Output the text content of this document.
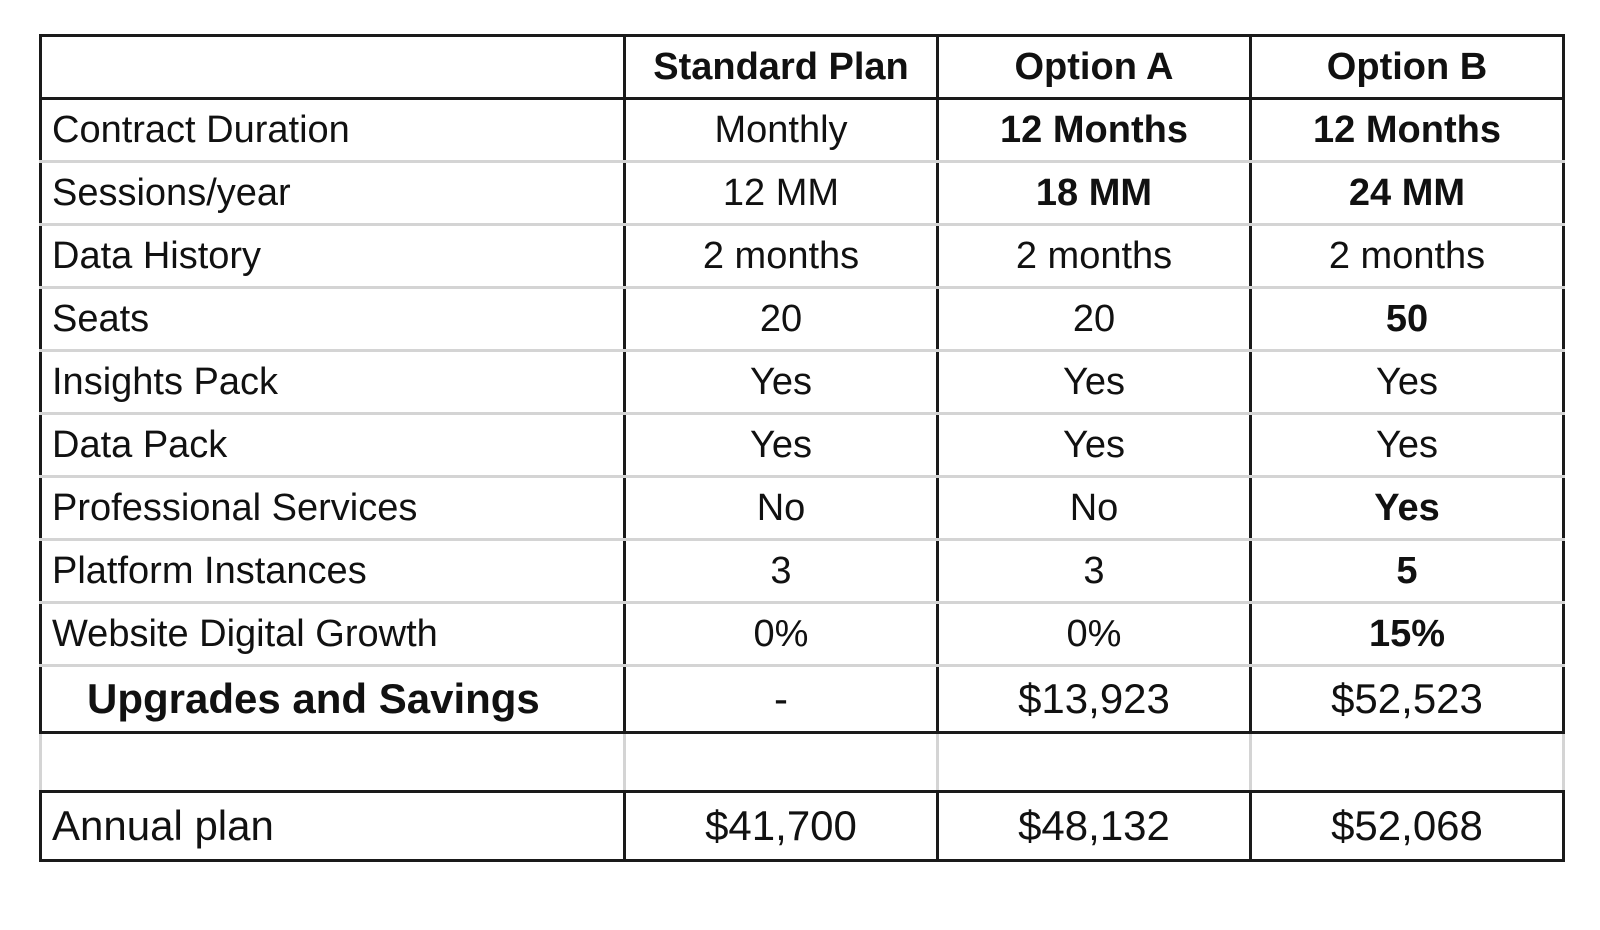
	Standard Plan	Option A	Option B
Contract Duration	Monthly	12 Months	12 Months
Sessions/year	12 MM	18 MM	24 MM
Data History	2 months	2 months	2 months
Seats	20	20	50
Insights Pack	Yes	Yes	Yes
Data Pack	Yes	Yes	Yes
Professional Services	No	No	Yes
Platform Instances	3	3	5
Website Digital Growth	0%	0%	15%
Upgrades and Savings	-	$13,923	$52,523

Annual plan	$41,700	$48,132	$52,068
